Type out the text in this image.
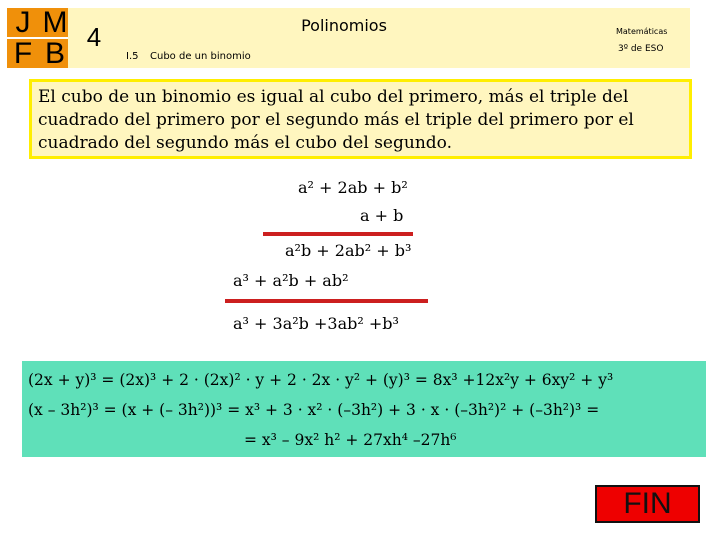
J M
F B 4	Polinomios	Matemáticas
I.5 Cubo de un binomio
3º de ESO
El cubo de un binomio es igual al cubo del primero, más el triple del cuadrado del primero por el segundo más el triple del primero por el cuadrado del segundo más el cubo del segundo.
a² + 2ab + b²
a + b
a²b + 2ab² + b³
a³ + a²b + ab²
a³ + 3a²b +3ab² +b³
(2x + y)³ = (2x)³ + 2 · (2x)² · y + 2 · 2x · y² + (y)³ = 8x³ +12x²y + 6xy² + y³
(x – 3h²)³ = (x + (– 3h²))³ = x³ + 3 · x² · (–3h²) + 3 · x · (–3h²)² + (–3h²)³ =
= x³ – 9x² h² + 27xh⁴ –27h⁶
FIN
